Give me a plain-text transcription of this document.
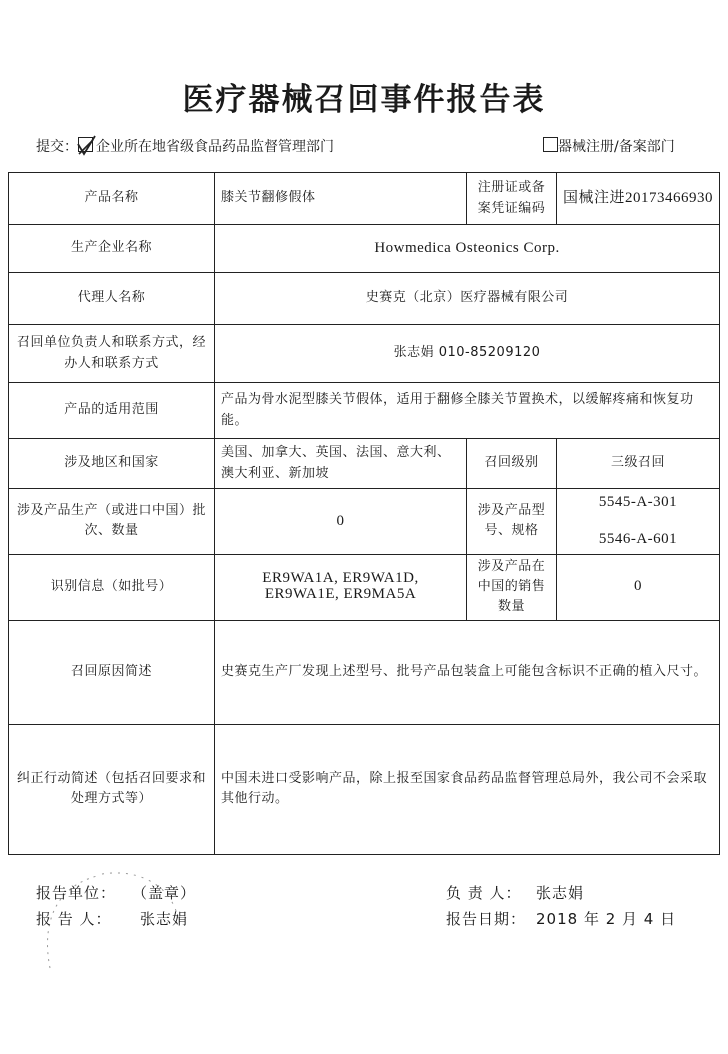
医疗器械召回事件报告表
提交： 企业所在地省级食品药品监督管理部门	器械注册/备案部门
产品名称	膝关节翻修假体	注册证或备案凭证编码	国械注进20173466930
生产企业名称	Howmedica Osteonics Corp.		
代理人名称	史赛克（北京）医疗器械有限公司		
召回单位负责人和联系方式，经办人和联系方式	张志娟 010-85209120		
产品的适用范围	产品为骨水泥型膝关节假体，适用于翻修全膝关节置换术，以缓解疼痛和恢复功能。		
涉及地区和国家	美国、加拿大、英国、法国、意大利、澳大利亚、新加坡	召回级别	三级召回
涉及产品生产（或进口中国）批次、数量	0	涉及产品型号、规格	5545-A-301
5546-A-601

识别信息（如批号）	ER9WA1A, ER9WA1D,
ER9WA1E, ER9MA5A	涉及产品在中国的销售数量	0
召回原因简述	史赛克生产厂发现上述型号、批号产品包装盒上可能包含标识不正确的植入尺寸。		
纠正行动简述（包括召回要求和处理方式等）	中国未进口受影响产品，除上报至国家食品药品监督管理总局外，我公司不会采取其他行动。		
报告单位： （盖章）
报 告 人： 张志娟
负 责 人： 张志娟
报告日期： 2018 年 2 月 4 日
